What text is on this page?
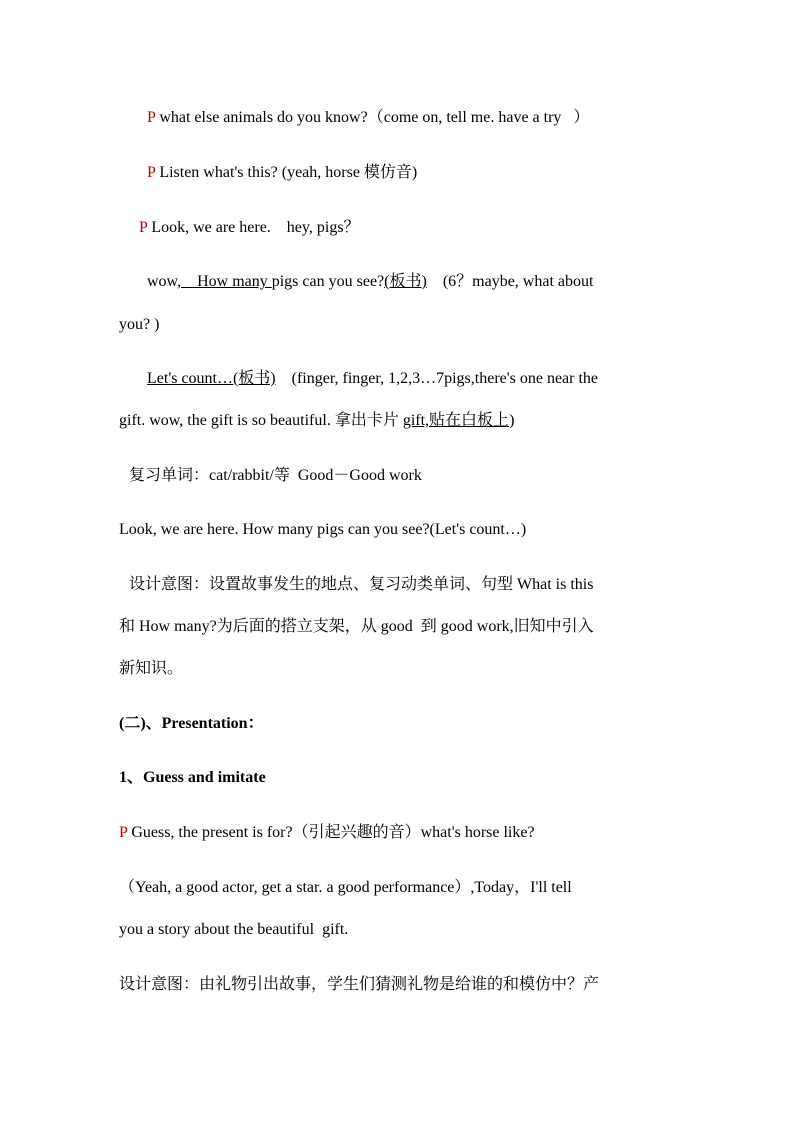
P what else animals do you know?（come on, tell me. have a try   ）
P Listen what's this? (yeah, horse 模仿音)
P Look, we are here.    hey, pigs？
wow,    How many pigs can you see?(板书)    (6？maybe, what about
you? )
Let's count…(板书)    (finger, finger, 1,2,3…7pigs,there's one near the
gift. wow, the gift is so beautiful. 拿出卡片 gift,贴在白板上)
复习单词：cat/rabbit/等  Good－Good work
Look, we are here. How many pigs can you see?(Let's count…)
设计意图：设置故事发生的地点、复习动类单词、句型 What is this
和 How many?为后面的搭立支架，从 good  到 good work,旧知中引入
新知识。
(二)、Presentation：
1、Guess and imitate
P Guess, the present is for?（引起兴趣的音）what's horse like?
（Yeah, a good actor, get a star. a good performance）,Today，I'll tell
you a story about the beautiful  gift.
设计意图：由礼物引出故事，学生们猜测礼物是给谁的和模仿中？产
